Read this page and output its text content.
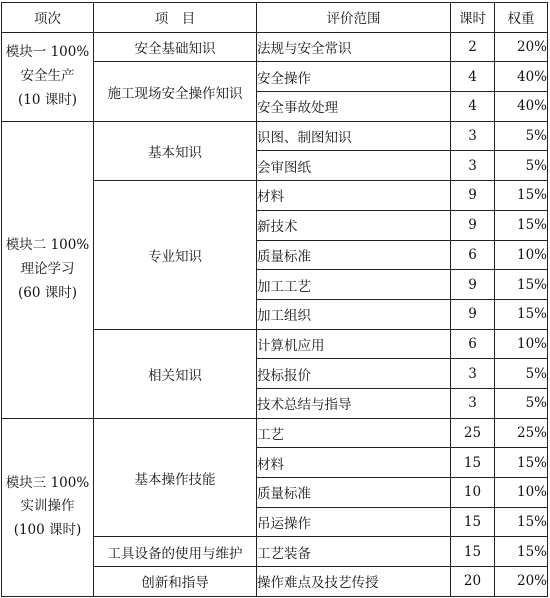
项次	项　目	评价范围	课时	权重

模块一 100%
安全生产
(10 课时)	安全基础知识	法规与安全常识	2	20%
	施工现场安全操作知识	安全操作	4	40%
		安全事故处理	4	40%

模块二 100%
理论学习
(60 课时)	基本知识	识图、制图知识	3	5%
		会审图纸	3	5%
	专业知识	材料	9	15%
		新技术	9	15%
		质量标准	6	10%
		加工工艺	9	15%
		加工组织	9	15%
	相关知识	计算机应用	6	10%
		投标报价	3	5%
		技术总结与指导	3	5%

模块三 100%
实训操作
(100 课时)	基本操作技能	工艺	25	25%
		材料	15	15%
		质量标准	10	10%
		吊运操作	15	15%
	工具设备的使用与维护	工艺装备	15	15%
	创新和指导	操作难点及技艺传授	20	20%
